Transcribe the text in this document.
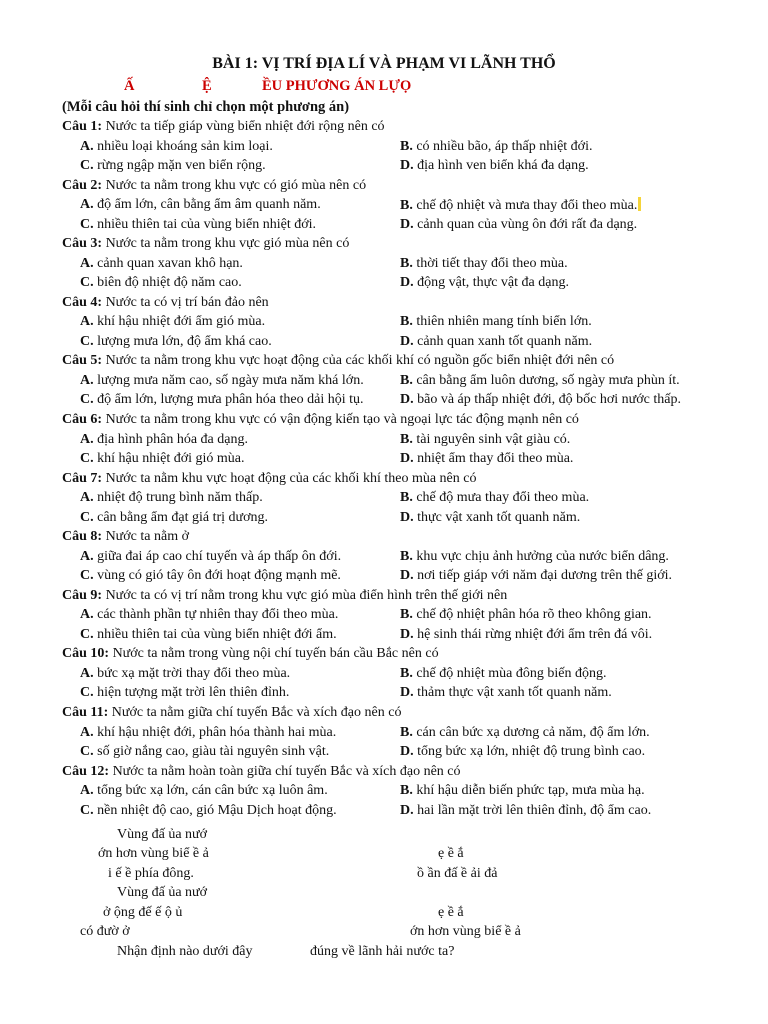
BÀI 1: VỊ TRÍ ĐỊA LÍ VÀ PHẠM VI LÃNH THỔ
Ấ	Ệ	ỀU PHƯƠNG ÁN LỰ Ọ
(Mỗi câu hỏi thí sinh chỉ chọn một phương án)
Câu 1: Nước ta tiếp giáp vùng biển nhiệt đới rộng nên có
A. nhiều loại khoáng sản kim loại.	B. có nhiều bão, áp thấp nhiệt đới.
C. rừng ngập mặn ven biển rộng.	D. địa hình ven biển khá đa dạng.
Câu 2: Nước ta nằm trong khu vực có gió mùa nên có
A. độ ẩm lớn, cân bằng ẩm âm quanh năm.	B. chế độ nhiệt và mưa thay đổi theo mùa.
C. nhiều thiên tai của vùng biển nhiệt đới.	D. cảnh quan của vùng ôn đới rất đa dạng.
Câu 3: Nước ta nằm trong khu vực gió mùa nên có
A. cảnh quan xavan khô hạn.	B. thời tiết thay đổi theo mùa.
C. biên độ nhiệt độ năm cao.	D. động vật, thực vật đa dạng.
Câu 4: Nước ta có vị trí bán đảo nên
A. khí hậu nhiệt đới ẩm gió mùa.	B. thiên nhiên mang tính biển lớn.
C. lượng mưa lớn, độ ẩm khá cao.	D. cảnh quan xanh tốt quanh năm.
Câu 5: Nước ta nằm trong khu vực hoạt động của các khối khí có nguồn gốc biển nhiệt đới nên có
A. lượng mưa năm cao, số ngày mưa năm khá lớn.	B. cân bằng ẩm luôn dương, số ngày mưa phùn ít.
C. độ ẩm lớn, lượng mưa phân hóa theo dải hội tụ.	D. bão và áp thấp nhiệt đới, độ bốc hơi nước thấp.
Câu 6: Nước ta nằm trong khu vực có vận động kiến tạo và ngoại lực tác động mạnh nên có
A. địa hình phân hóa đa dạng.	B. tài nguyên sinh vật giàu có.
C. khí hậu nhiệt đới gió mùa.	D. nhiệt ẩm thay đổi theo mùa.
Câu 7: Nước ta nằm khu vực hoạt động của các khối khí theo mùa nên có
A. nhiệt độ trung bình năm thấp.	B. chế độ mưa thay đổi theo mùa.
C. cân bằng ẩm đạt giá trị dương.	D. thực vật xanh tốt quanh năm.
Câu 8: Nước ta nằm ở
A. giữa đai áp cao chí tuyến và áp thấp ôn đới.	B. khu vực chịu ảnh hưởng của nước biển dâng.
C. vùng có gió tây ôn đới hoạt động mạnh mẽ.	D. nơi tiếp giáp với năm đại dương trên thế giới.
Câu 9: Nước ta có vị trí nằm trong khu vực gió mùa điển hình trên thế giới nên
A. các thành phần tự nhiên thay đổi theo mùa.	B. chế độ nhiệt phân hóa rõ theo không gian.
C. nhiều thiên tai của vùng biển nhiệt đới ẩm.	D. hệ sinh thái rừng nhiệt đới ẩm trên đá vôi.
Câu 10: Nước ta nằm trong vùng nội chí tuyến bán cầu Bắc nên có
A. bức xạ mặt trời thay đổi theo mùa.	B. chế độ nhiệt mùa đông biến động.
C. hiện tượng mặt trời lên thiên đỉnh.	D. thảm thực vật xanh tốt quanh năm.
Câu 11: Nước ta nằm giữa chí tuyến Bắc và xích đạo nên có
A. khí hậu nhiệt đới, phân hóa thành hai mùa.	B. cán cân bức xạ dương cả năm, độ ẩm lớn.
C. số giờ nắng cao, giàu tài nguyên sinh vật.	D. tổng bức xạ lớn, nhiệt độ trung bình cao.
Câu 12: Nước ta nằm hoàn toàn giữa chí tuyến Bắc và xích đạo nên có
A. tổng bức xạ lớn, cán cân bức xạ luôn âm.	B. khí hậu diễn biến phức tạp, mưa mùa hạ.
C. nền nhiệt độ cao, gió Mậu Dịch hoạt động.	D. hai lần mặt trời lên thiên đỉnh, độ ẩm cao.
Vùng đấ ủa nướ
ớn hơn vùng biể ề ả	ẹ ề ắ
i ế ề phía đông.	ồ ần đấ ề ải đả
Vùng đấ ủa nướ
ở ộng đế ế ộ ủ	ẹ ề ắ
có đườ ở	ớn hơn vùng biể ề ả
Nhận định nào dưới đây	đúng về lãnh hải nước ta?
